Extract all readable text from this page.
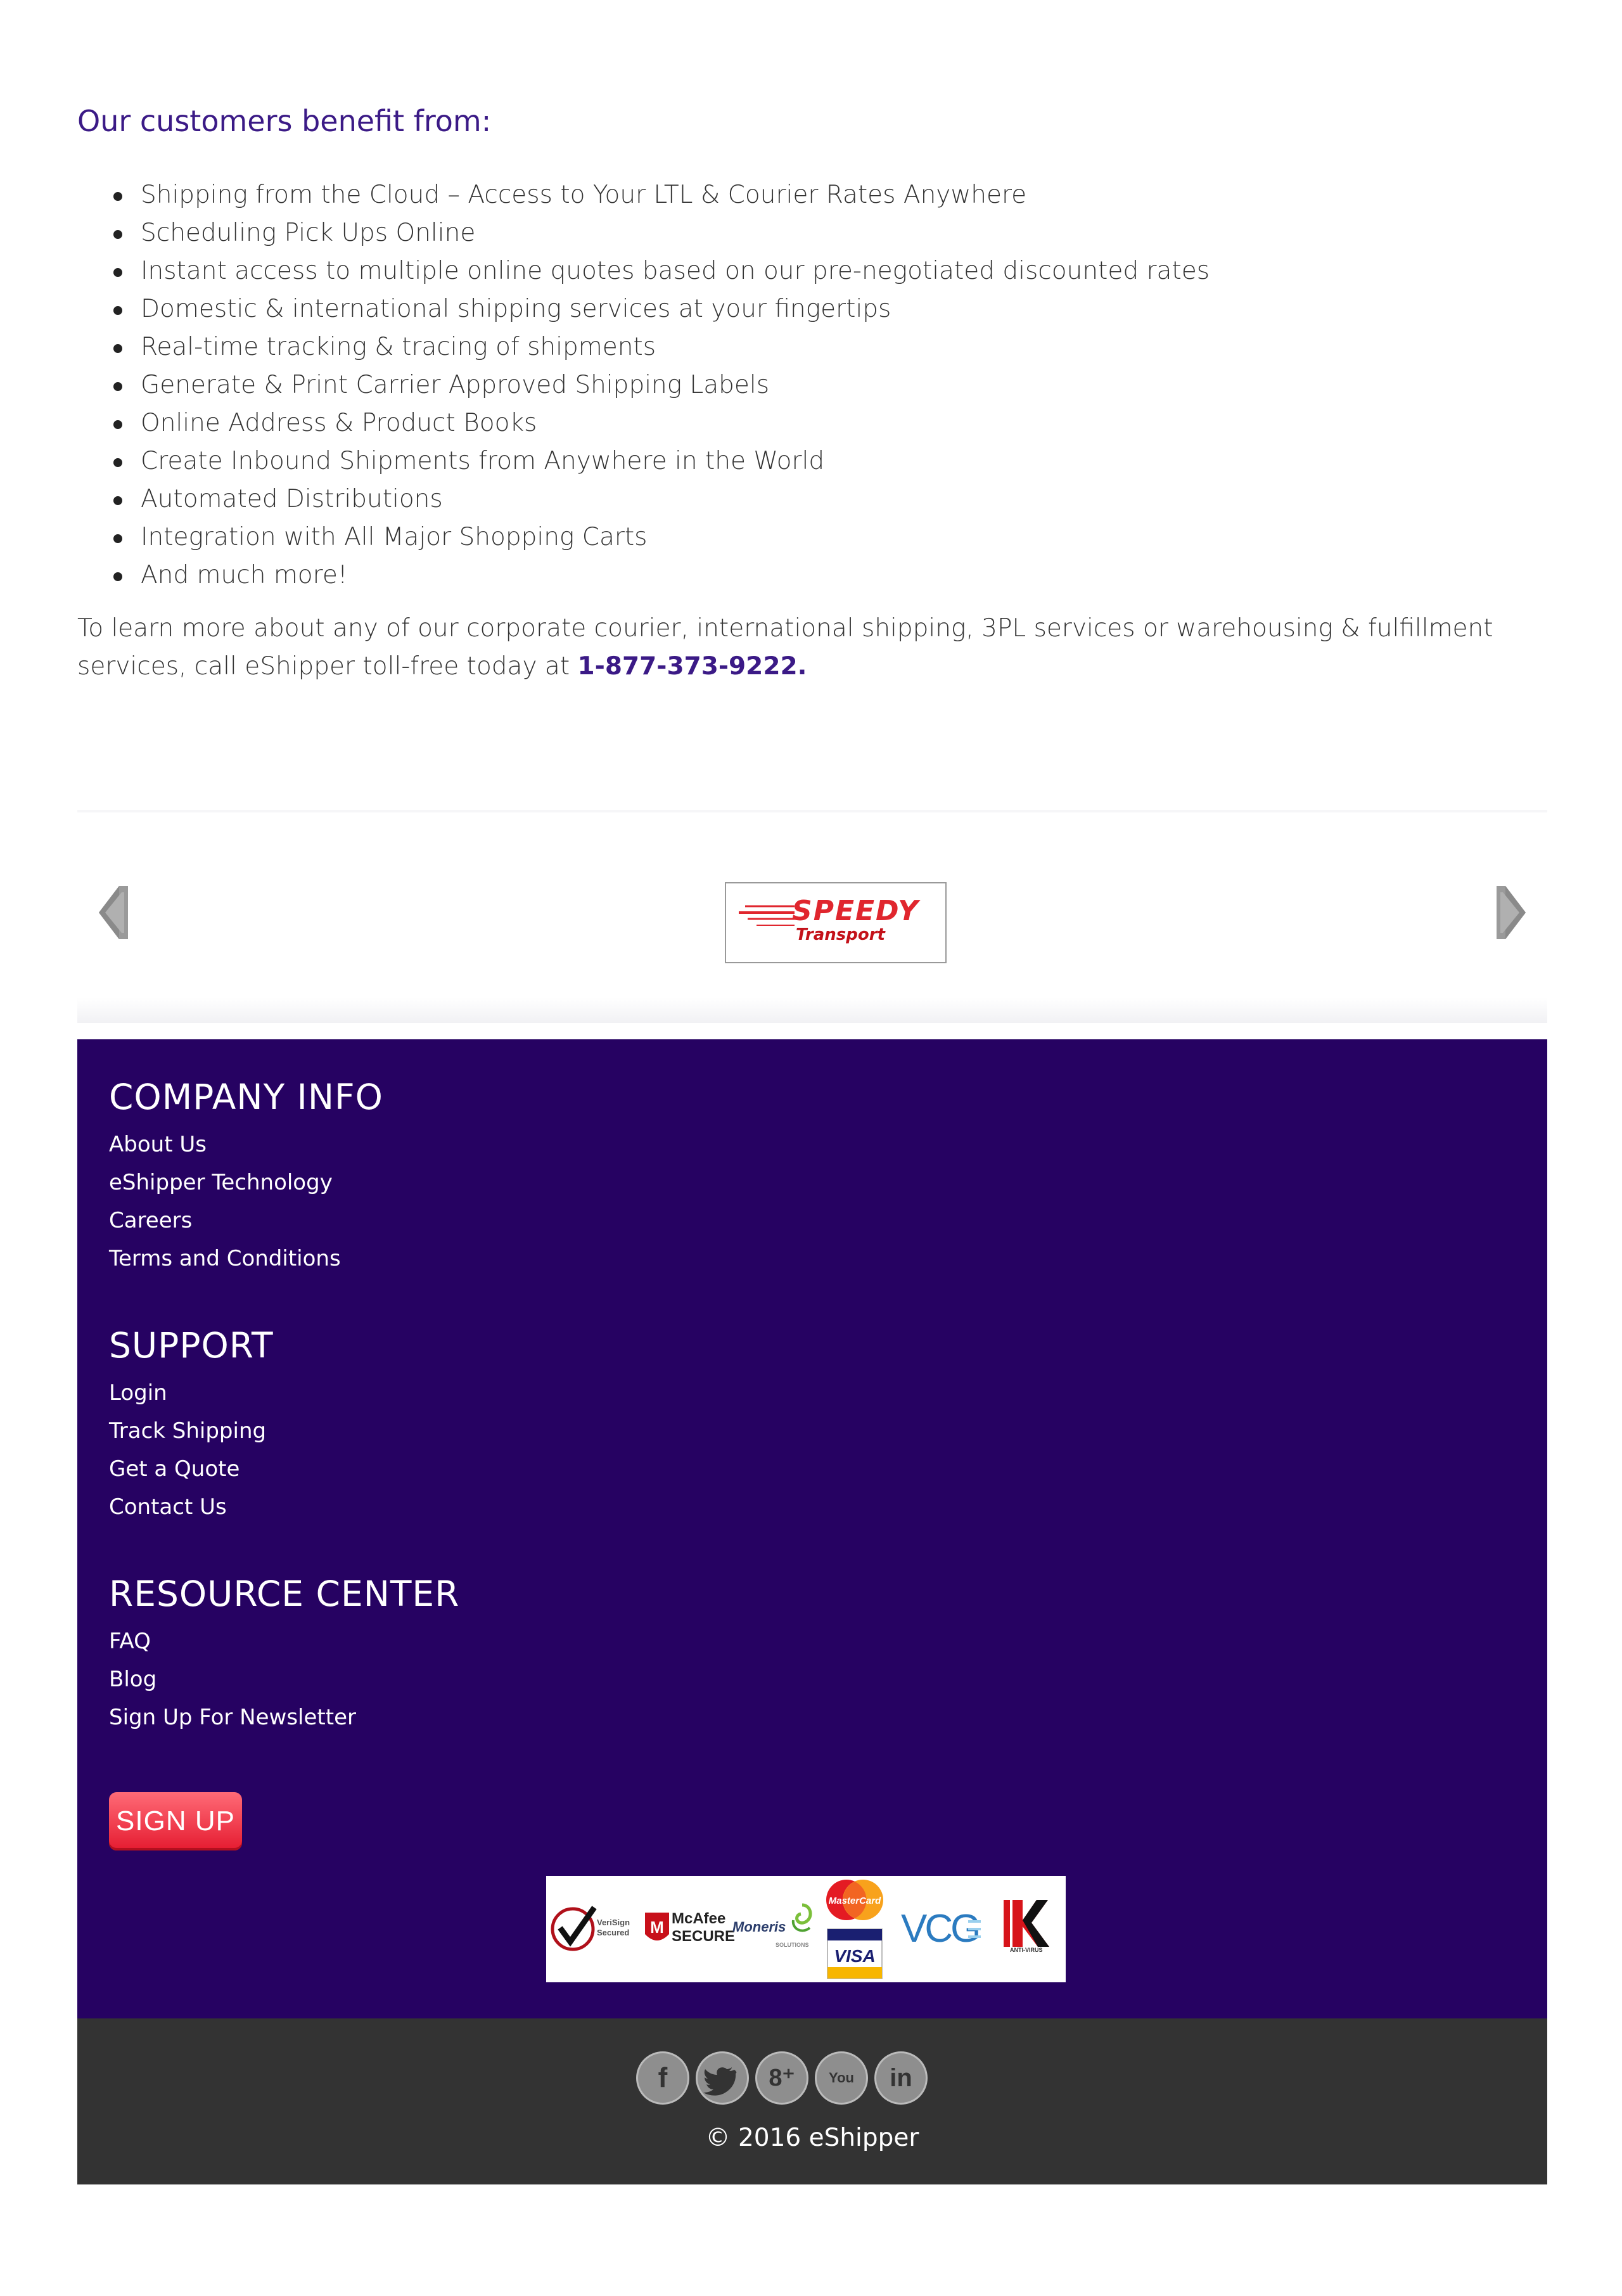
Our customers benefit from:
Shipping from the Cloud – Access to Your LTL & Courier Rates Anywhere
Scheduling Pick Ups Online
Instant access to multiple online quotes based on our pre-negotiated discounted rates
Domestic & international shipping services at your fingertips
Real-time tracking & tracing of shipments
Generate & Print Carrier Approved Shipping Labels
Online Address & Product Books
Create Inbound Shipments from Anywhere in the World
Automated Distributions
Integration with All Major Shopping Carts
And much more!

To learn more about any of our corporate courier, international shipping, 3PL services or warehousing & fulfillment services, call eShipper toll-free today at 1-877-373-9222.

SPEEDY
Transport
COMPANY INFO
About Us
eShipper Technology
Careers
Terms and Conditions
SUPPORT
Login
Track Shipping
Get a Quote
Contact Us
RESOURCE CENTER
FAQ
Blog
Sign Up For Newsletter
SIGN UP
VeriSign Secured	M McAfee
SECURE
Moneris
SOLUTIONS
MasterCard
VISA
VCG	ANTI-VIRUS
f	8⁺	You	in
© 2016 eShipper
